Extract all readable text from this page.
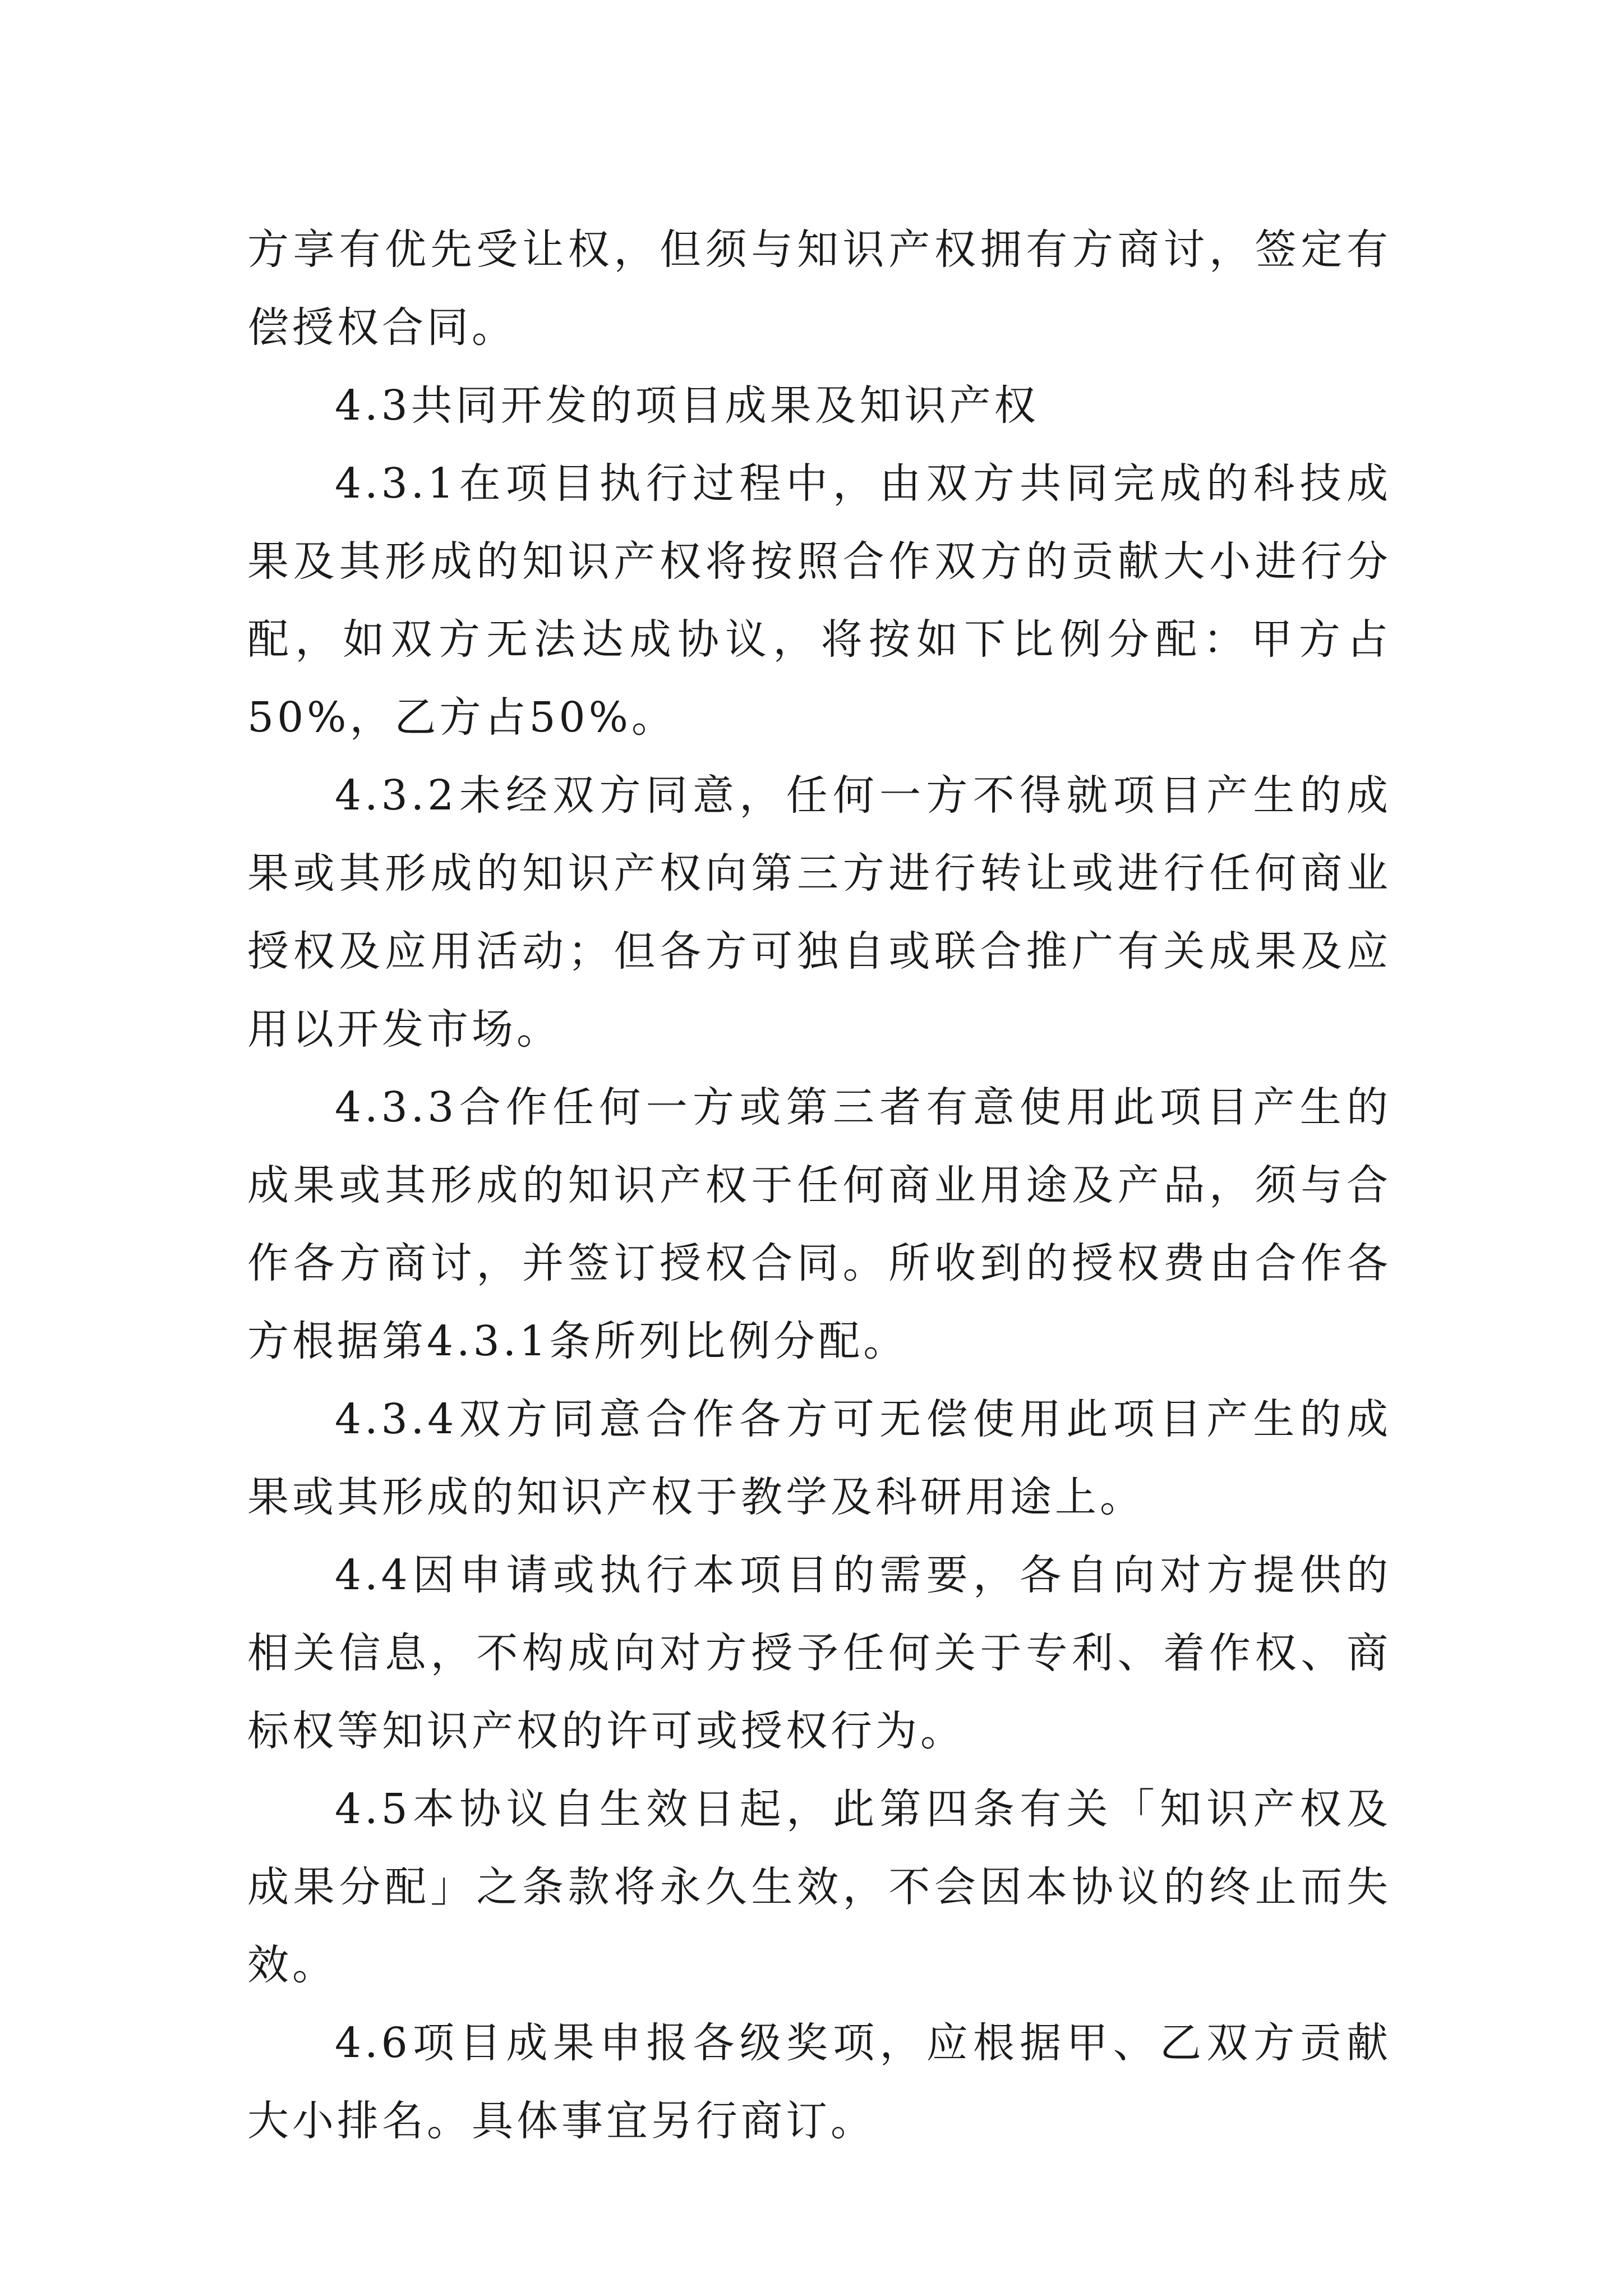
方享有优先受让权，但须与知识产权拥有方商讨，签定有偿授权合同。

4.3共同开发的项目成果及知识产权

4.3.1在项目执行过程中，由双方共同完成的科技成果及其形成的知识产权将按照合作双方的贡献大小进行分配，如双方无法达成协议，将按如下比例分配：甲方占50%，乙方占50%。

4.3.2未经双方同意，任何一方不得就项目产生的成果或其形成的知识产权向第三方进行转让或进行任何商业授权及应用活动；但各方可独自或联合推广有关成果及应用以开发市场。

4.3.3合作任何一方或第三者有意使用此项目产生的成果或其形成的知识产权于任何商业用途及产品，须与合作各方商讨，并签订授权合同。所收到的授权费由合作各方根据第4.3.1条所列比例分配。

4.3.4双方同意合作各方可无偿使用此项目产生的成果或其形成的知识产权于教学及科研用途上。

4.4因申请或执行本项目的需要，各自向对方提供的相关信息，不构成向对方授予任何关于专利、着作权、商标权等知识产权的许可或授权行为。

4.5本协议自生效日起，此第四条有关「知识产权及成果分配」之条款将永久生效，不会因本协议的终止而失效。

4.6项目成果申报各级奖项，应根据甲、乙双方贡献大小排名。具体事宜另行商订。
